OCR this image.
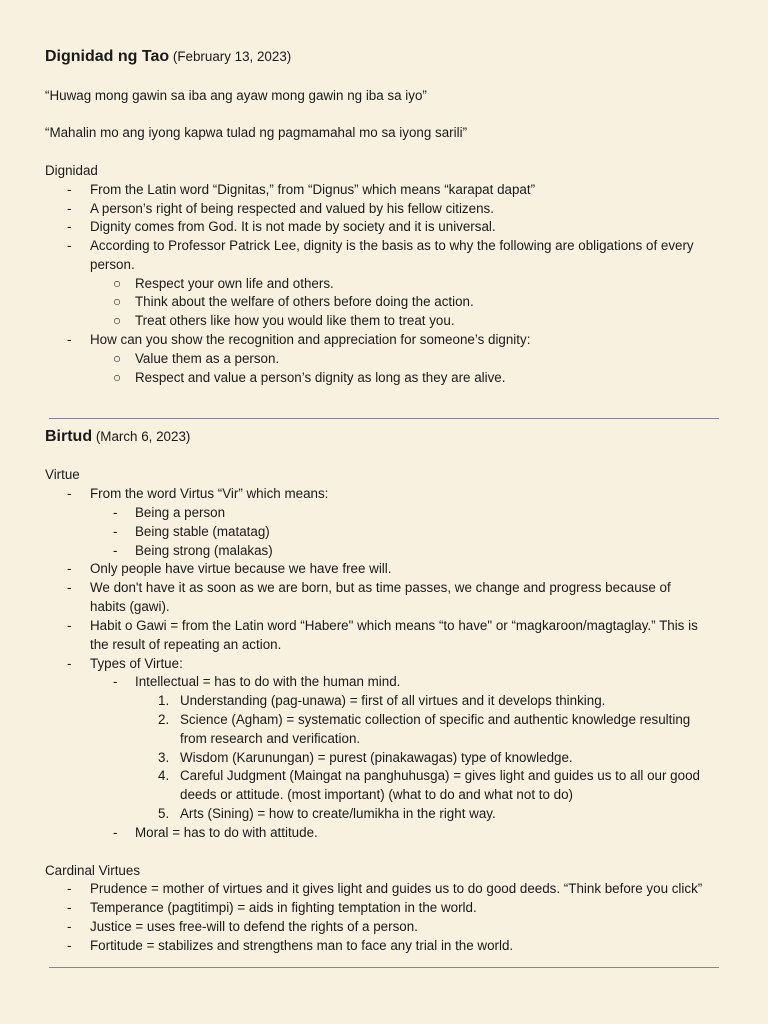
Dignidad ng Tao (February 13, 2023)
“Huwag mong gawin sa iba ang ayaw mong gawin ng iba sa iyo”
“Mahalin mo ang iyong kapwa tulad ng pagmamahal mo sa iyong sarili”
Dignidad
- From the Latin word “Dignitas,” from “Dignus” which means “karapat dapat”
- A person’s right of being respected and valued by his fellow citizens.
- Dignity comes from God. It is not made by society and it is universal.
- According to Professor Patrick Lee, dignity is the basis as to why the following are obligations of every
person.
○ Respect your own life and others.
○ Think about the welfare of others before doing the action.
○ Treat others like how you would like them to treat you.
- How can you show the recognition and appreciation for someone’s dignity:
○ Value them as a person.
○ Respect and value a person’s dignity as long as they are alive.
Birtud (March 6, 2023)
Virtue
- From the word Virtus “Vir” which means:
- Being a person
- Being stable (matatag)
- Being strong (malakas)
- Only people have virtue because we have free will.
- We don't have it as soon as we are born, but as time passes, we change and progress because of
habits (gawi).
- Habit o Gawi = from the Latin word “Habere" which means “to have" or “magkaroon/magtaglay.” This is
the result of repeating an action.
- Types of Virtue:
- Intellectual = has to do with the human mind.
1. Understanding (pag-unawa) = first of all virtues and it develops thinking.
2. Science (Agham) = systematic collection of specific and authentic knowledge resulting
from research and verification.
3. Wisdom (Karunungan) = purest (pinakawagas) type of knowledge.
4. Careful Judgment (Maingat na panghuhusga) = gives light and guides us to all our good
deeds or attitude. (most important) (what to do and what not to do)
5. Arts (Sining) = how to create/lumikha in the right way.
- Moral = has to do with attitude.
Cardinal Virtues
- Prudence = mother of virtues and it gives light and guides us to do good deeds. “Think before you click”
- Temperance (pagtitimpi) = aids in fighting temptation in the world.
- Justice = uses free-will to defend the rights of a person.
- Fortitude = stabilizes and strengthens man to face any trial in the world.
